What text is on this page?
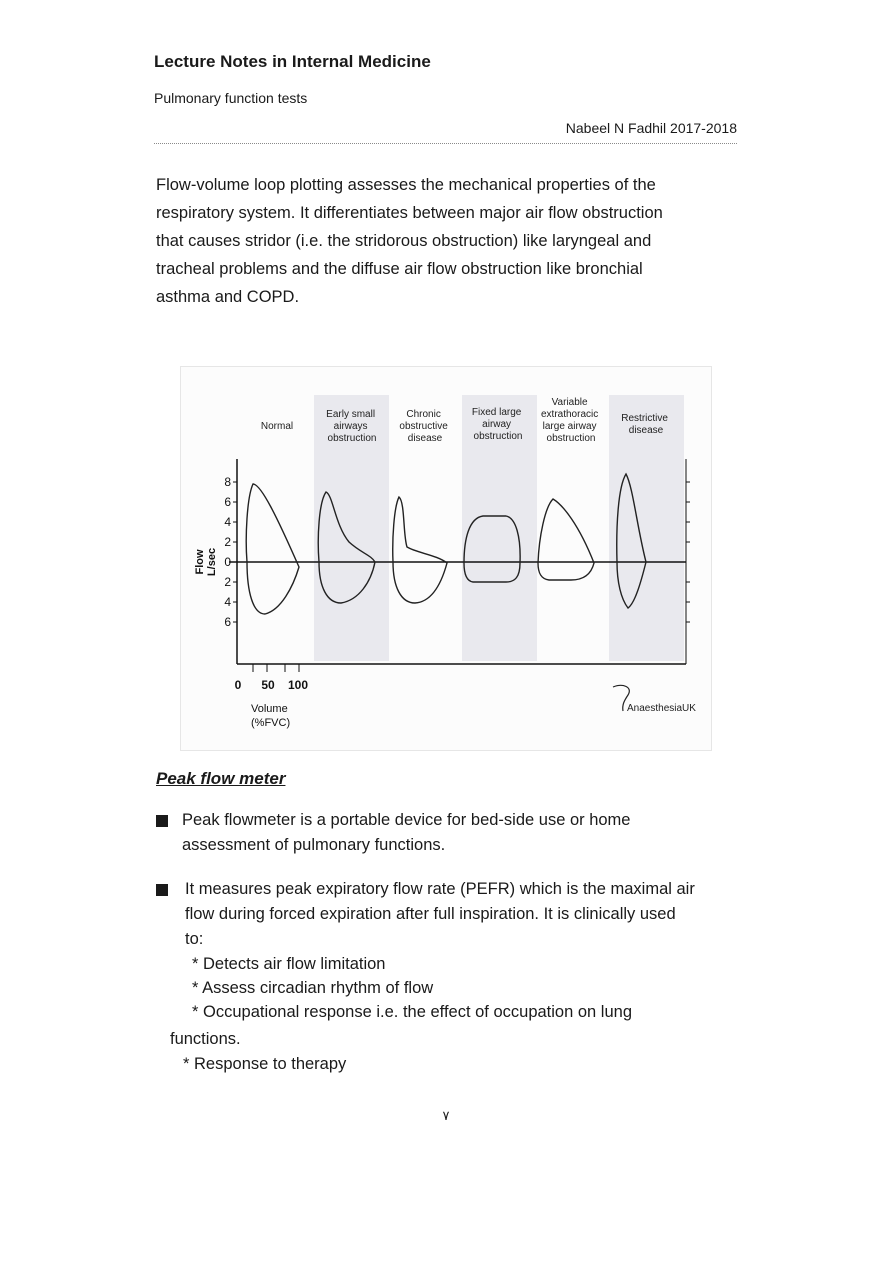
Lecture Notes in Internal Medicine
Pulmonary function tests
Nabeel N Fadhil 2017-2018
Flow-volume loop plotting assesses the mechanical properties of the
respiratory system. It differentiates between major air flow obstruction
that causes stridor (i.e. the stridorous obstruction) like laryngeal and
tracheal problems and the diffuse air flow obstruction like bronchial
asthma and COPD.
Normal
Early small airways obstruction
Chronic obstructive disease
Fixed large airway obstruction
Variable extrathoracic large airway obstruction
Restrictive disease
8
6
4
2
0
2
4
6
Flow L/sec
0 50 100
Volume
(%FVC)
AnaesthesiaUK
Peak flow meter
Peak flowmeter is a portable device for bed-side use or home
assessment of pulmonary functions.
It measures peak expiratory flow rate (PEFR) which is the maximal air
flow during forced expiration after full inspiration. It is clinically used
to:
* Detects air flow limitation
* Assess circadian rhythm of flow
* Occupational response i.e. the effect of occupation on lung
functions.
* Response to therapy
٧
